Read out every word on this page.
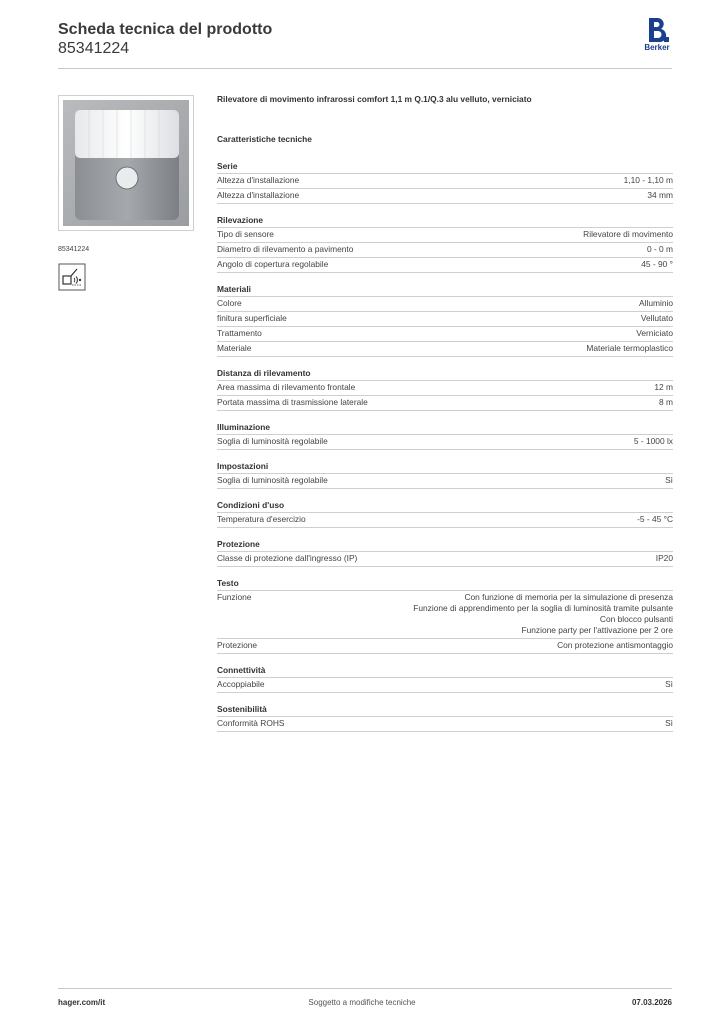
Scheda tecnica del prodotto
85341224	Berker
85341224
Rilevatore di movimento infrarossi comfort 1,1 m Q.1/Q.3 alu velluto, verniciato
Caratteristiche tecniche
Serie
Altezza d'installazione	1,10 - 1,10 m
Altezza d'installazione	34 mm
Rilevazione
Tipo di sensore	Rilevatore di movimento
Diametro di rilevamento a pavimento	0 - 0 m
Angolo di copertura regolabile	45 - 90 °
Materiali
Colore	Alluminio
finitura superficiale	Vellutato
Trattamento	Verniciato
Materiale	Materiale termoplastico
Distanza di rilevamento
Area massima di rilevamento frontale	12 m
Portata massima di trasmissione laterale	8 m
Illuminazione
Soglia di luminosità regolabile	5 - 1000 lx
Impostazioni
Soglia di luminosità regolabile	Sì
Condizioni d'uso
Temperatura d'esercizio	-5 - 45 °C
Protezione
Classe di protezione dall'ingresso (IP)	IP20
Testo
Funzione	Con funzione di memoria per la simulazione di presenza
Funzione di apprendimento per la soglia di luminosità tramite pulsante
Con blocco pulsanti
Funzione party per l'attivazione per 2 ore
Protezione	Con protezione antismontaggio
Connettività
Accoppiabile	Sì
Sostenibilità
Conformità ROHS	Sì
hager.com/it	Soggetto a modifiche tecniche	07.03.2026
